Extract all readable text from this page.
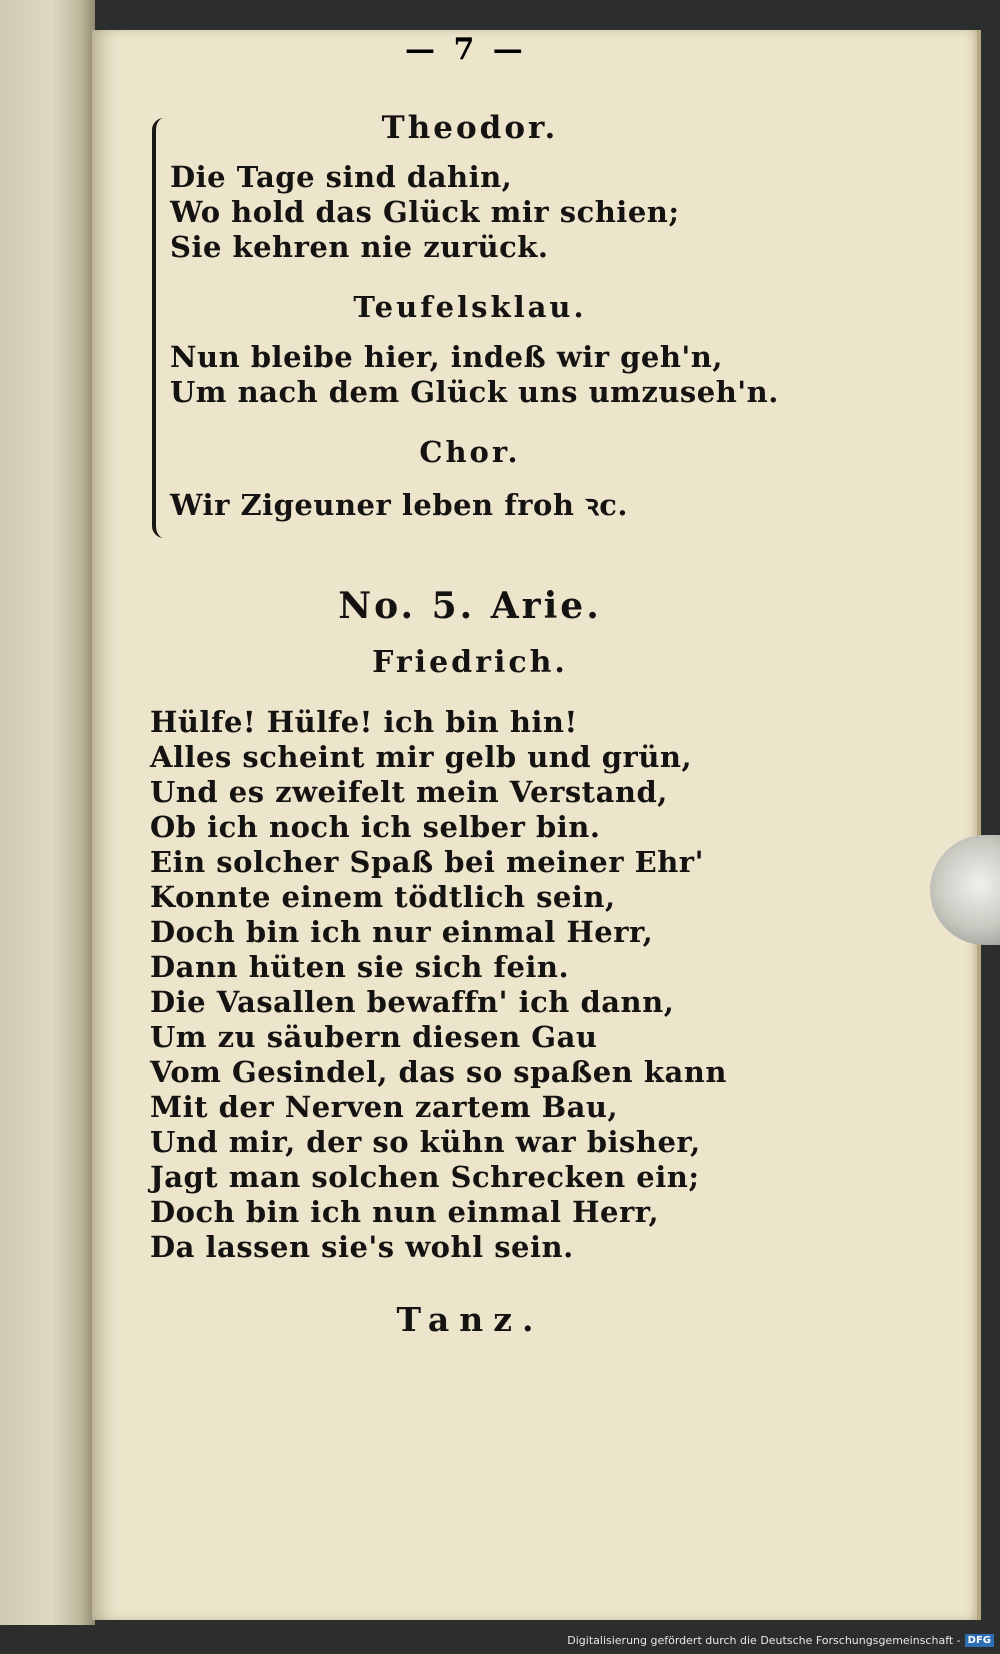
— 7 —
Theodor.
Die Tage sind dahin,
Wo hold das Glück mir schien;
Sie kehren nie zurück.
Teufelsklau.
Nun bleibe hier, indeß wir geh'n,
Um nach dem Glück uns umzuseh'n.
Chor.
Wir Zigeuner leben froh ꝛc.
No. 5. Arie.
Friedrich.
Hülfe! Hülfe! ich bin hin!
Alles scheint mir gelb und grün,
Und es zweifelt mein Verstand,
Ob ich noch ich selber bin.
Ein solcher Spaß bei meiner Ehr'
Konnte einem tödtlich sein,
Doch bin ich nur einmal Herr,
Dann hüten sie sich fein.
Die Vasallen bewaffn' ich dann,
Um zu säubern diesen Gau
Vom Gesindel, das so spaßen kann
Mit der Nerven zartem Bau,
Und mir, der so kühn war bisher,
Jagt man solchen Schrecken ein;
Doch bin ich nun einmal Herr,
Da lassen sie's wohl sein.
Tanz.
Digitalisierung gefördert durch die Deutsche Forschungsgemeinschaft - DFG
